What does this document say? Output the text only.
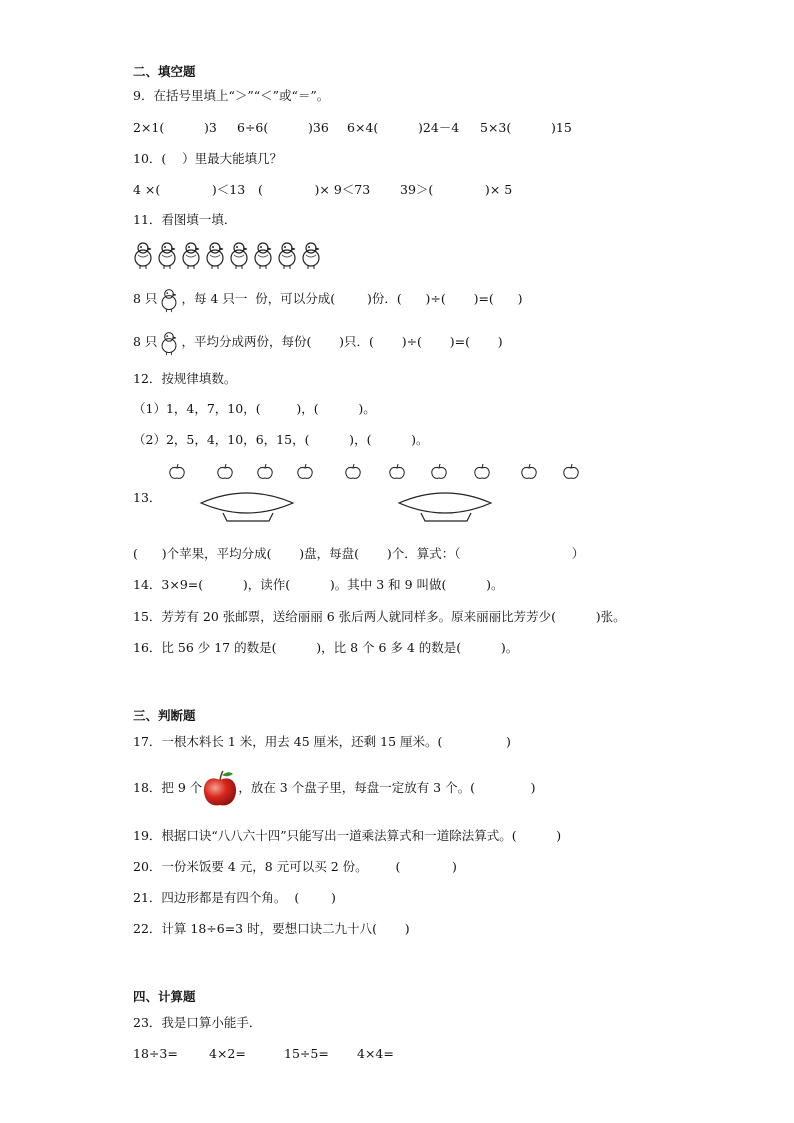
二、填空题
9．在括号里填上“＞”“＜”或“＝”。
2×1(          )3 6÷6(          )36 6×4(          )24－4 5×3(          )15
10．(    ）里最大能填几？
4 ×(             )＜13 (             )× 9＜73 39＞(             )× 5
11．看图填一填．
8 只 ，每 4 只一  份，可以分成(        )份．(      )÷(       )=(      )
8 只 ，平均分成两份，每份(       )只．(       )÷(       )=(       )
12．按规律填数。
（1）1，4，7，10，(         )，(          )。
（2）2，5，4，10，6，15，(          )，(          )。
13．
(      )个苹果，平均分成(       )盘，每盘(       )个．算式：（                            ）
14．3×9=(          )，读作(          )。其中 3 和 9 叫做(          )。
15．芳芳有 20 张邮票，送给丽丽 6 张后两人就同样多。原来丽丽比芳芳少(          )张。
16．比 56 少 17 的数是(          )，比 8 个 6 多 4 的数是(          )。
三、判断题
17．一根木料长 1 米，用去 45 厘米，还剩 15 厘米。(                )
18．把 9 个	，放在 3 个盘子里，每盘一定放有 3 个。(              )
19．根据口诀“八八六十四”只能写出一道乘法算式和一道除法算式。(          )
20．一份米饭要 4 元，8 元可以买 2 份。       (             )
21．四边形都是有四个角。  (        )
22．计算 18÷6=3 时，要想口诀二九十八(       )
四、计算题
23．我是口算小能手．
18÷3= 4×2=	15÷5= 4×4=
